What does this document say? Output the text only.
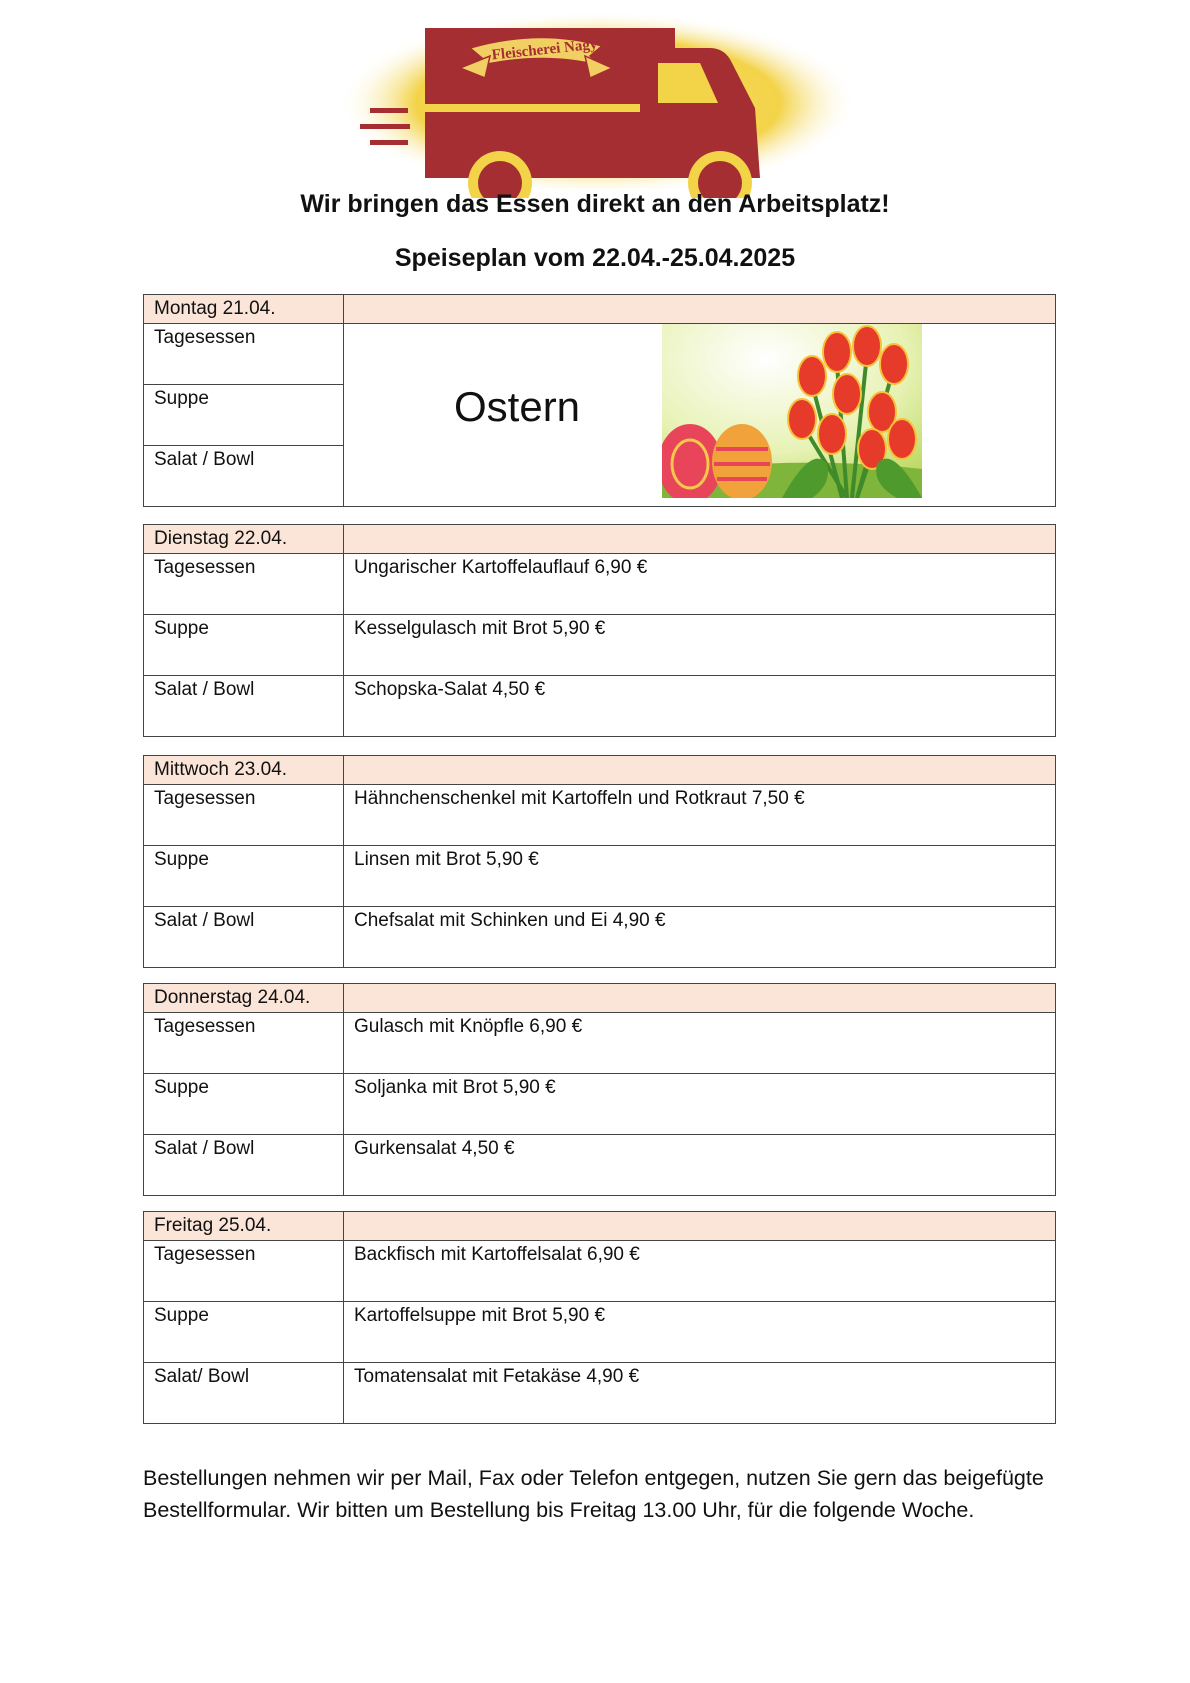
Fleischerei Nagy
Wir bringen das Essen direkt an den Arbeitsplatz!
Speiseplan vom 22.04.-25.04.2025
Montag 21.04.	
Tagesessen	Ostern

Suppe	
Salat / Bowl	
Dienstag 22.04.	
Tagesessen	Ungarischer Kartoffelauflauf 6,90 €
Suppe	Kesselgulasch mit Brot 5,90 €
Salat / Bowl	Schopska-Salat 4,50 €
Mittwoch 23.04.	
Tagesessen	Hähnchenschenkel mit Kartoffeln und Rotkraut 7,50 €
Suppe	Linsen mit Brot 5,90 €
Salat / Bowl	Chefsalat mit Schinken und Ei 4,90 €
Donnerstag 24.04.	
Tagesessen	Gulasch mit Knöpfle 6,90 €
Suppe	Soljanka mit Brot 5,90 €
Salat / Bowl	Gurkensalat 4,50 €
Freitag 25.04.	
Tagesessen	Backfisch mit Kartoffelsalat 6,90 €
Suppe	Kartoffelsuppe mit Brot 5,90 €
Salat/ Bowl	Tomatensalat mit Fetakäse 4,90 €
Bestellungen nehmen wir per Mail, Fax oder Telefon entgegen, nutzen Sie gern das beigefügte Bestellformular. Wir bitten um Bestellung bis Freitag 13.00 Uhr, für die folgende Woche.
